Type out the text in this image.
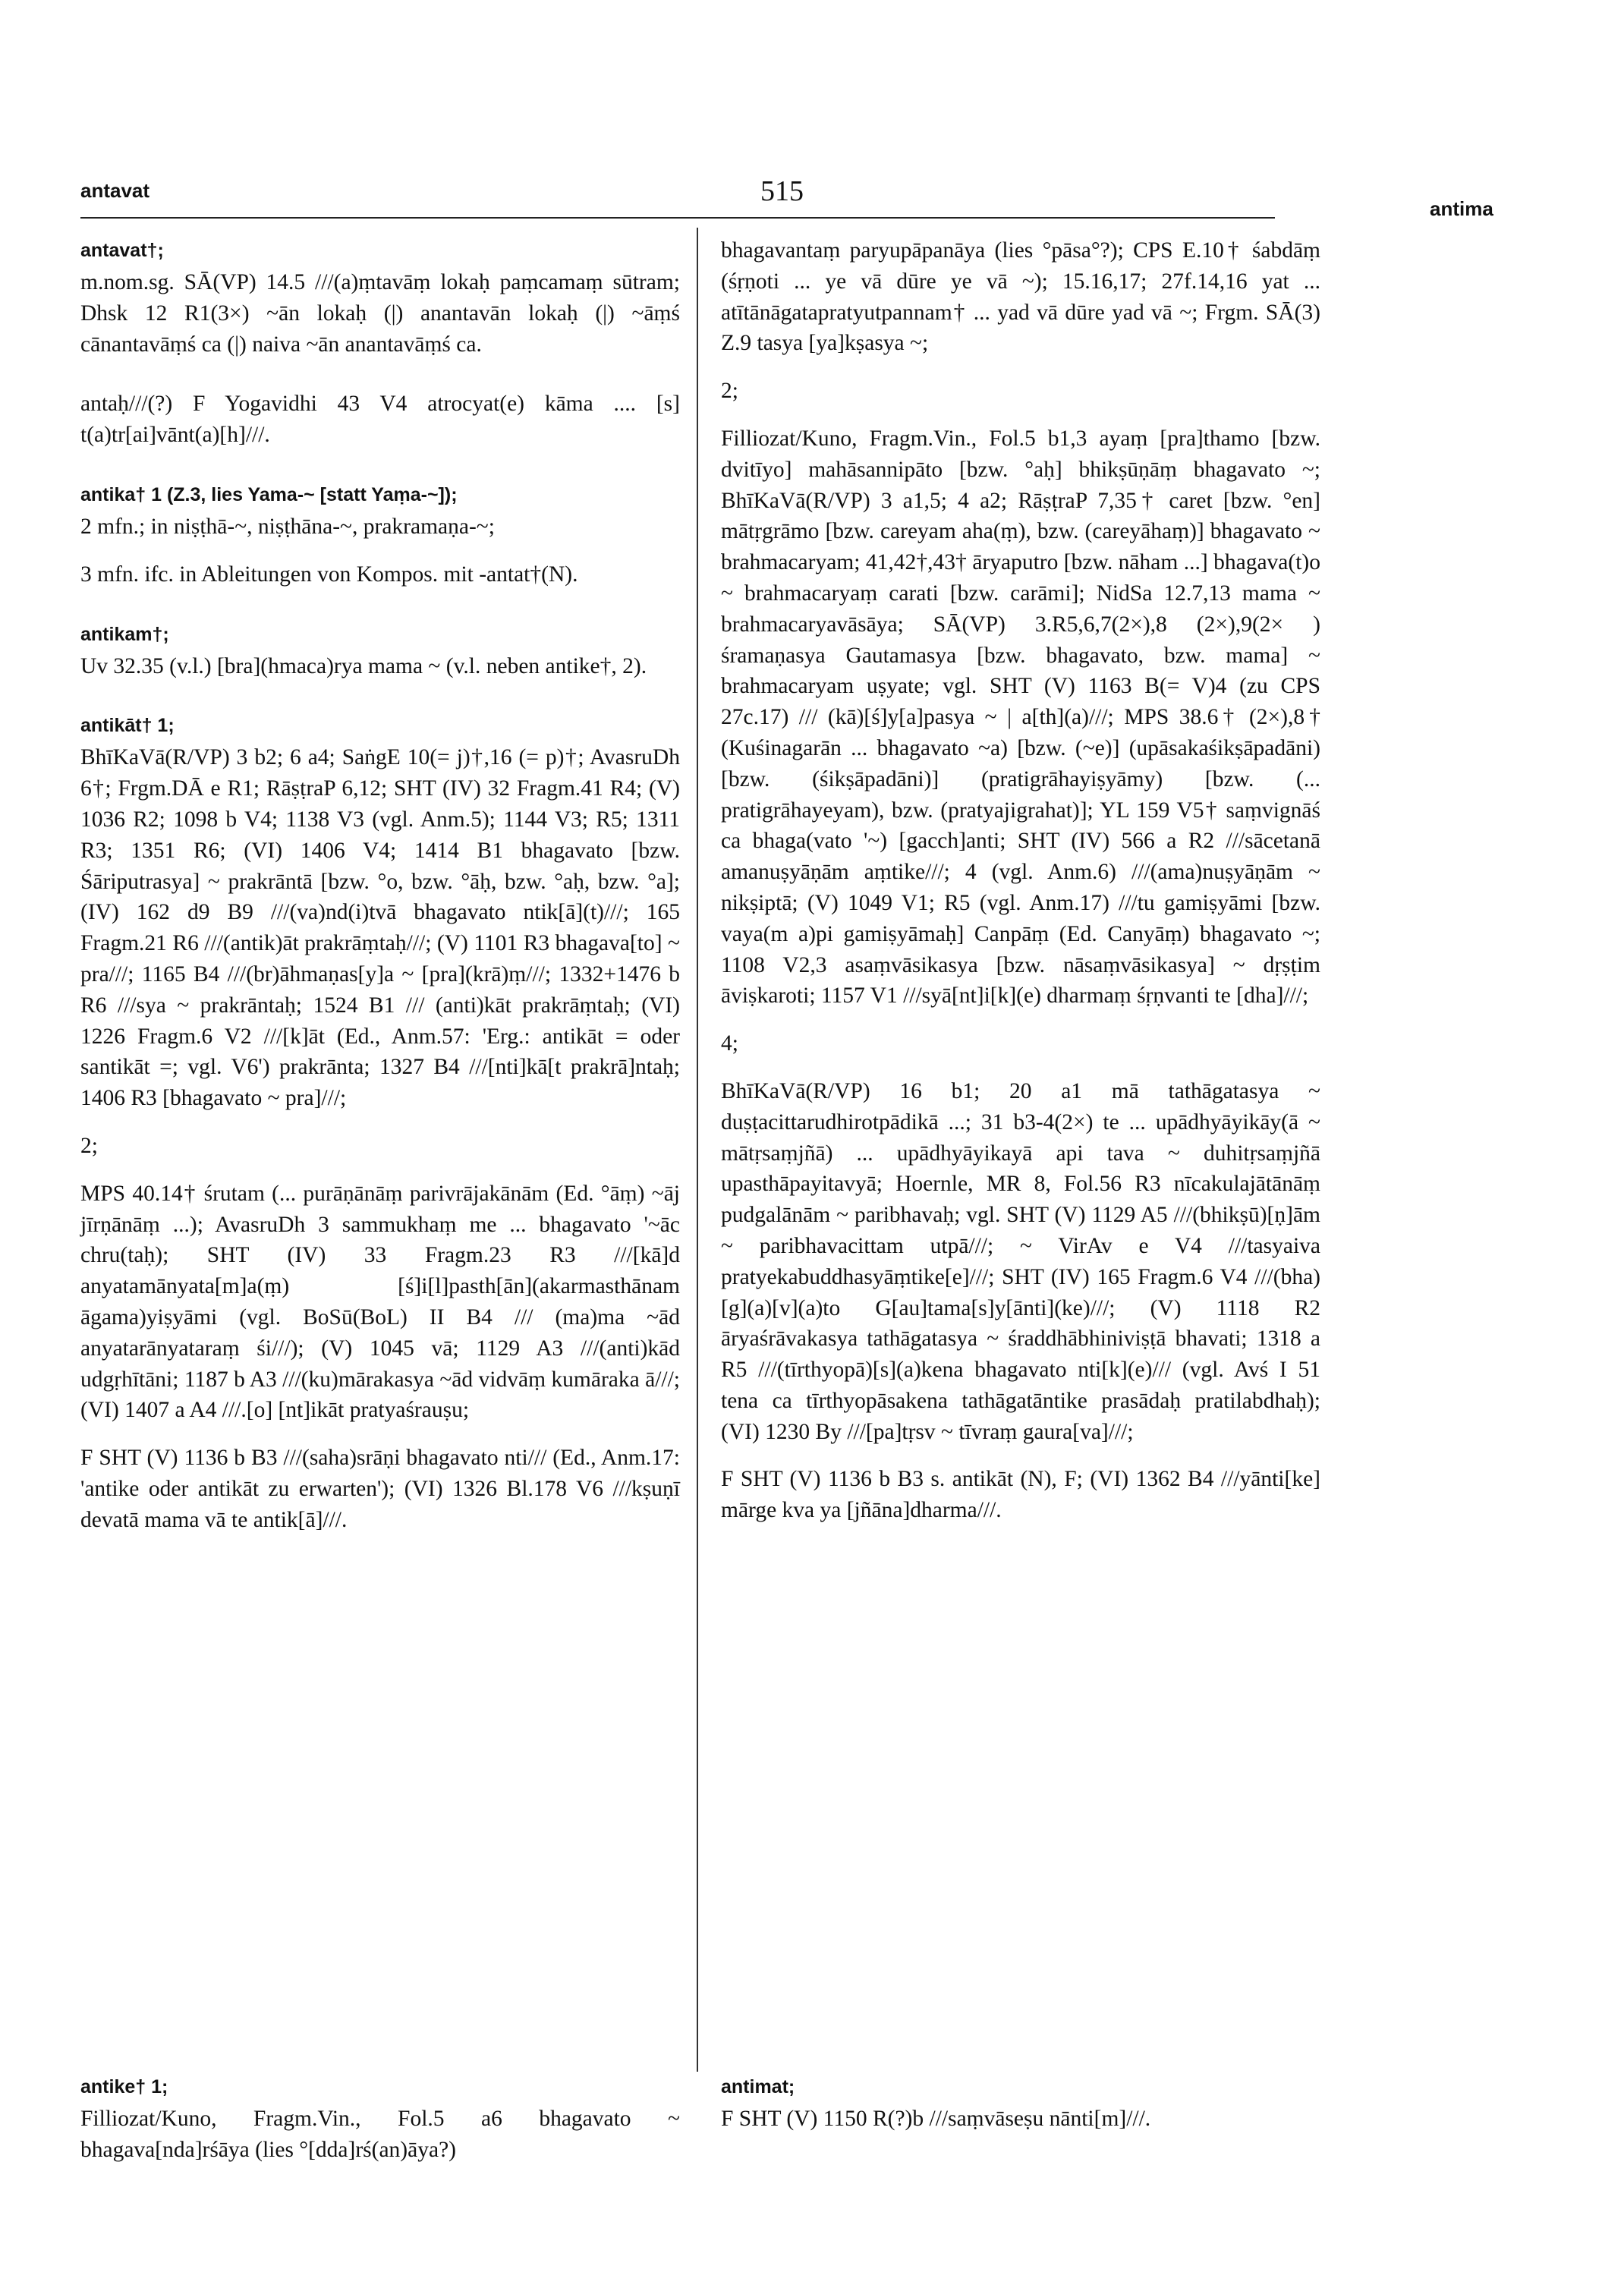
antavat	515
antima
antavat†;

m.nom.sg. SĀ(VP) 14.5 ///(a)ṃtavāṃ lokaḥ paṃcamaṃ sūtram; Dhsk 12 R1(3×) ~ān lokaḥ (|) anantavān lokaḥ (|) ~āṃś cānantavāṃś ca (|) naiva ~ān anantavāṃś ca.

antaḥ///(?) F Yogavidhi 43 V4 atrocyat(e) kāma .... [s] t(a)tr[ai]vānt(a)[h]///.

antika† 1 (Z.3, lies Yama-~ [statt Yaṃa-~]);

2 mfn.; in niṣṭhā-~, niṣṭhāna-~, prakramaṇa-~;

3 mfn. ifc. in Ableitungen von Kompos. mit -antat†(N).

antikam†;

Uv 32.35 (v.l.) [bra](hmaca)rya mama ~ (v.l. neben antike†, 2).

antikāt† 1;

BhīKaVā(R/VP) 3 b2; 6 a4; SaṅgE 10(= j)†,16 (= p)†; AvasruDh 6†; Frgm.DĀ e R1; RāṣṭraP 6,12; SHT (IV) 32 Fragm.41 R4; (V) 1036 R2; 1098 b V4; 1138 V3 (vgl. Anm.5); 1144 V3; R5; 1311 R3; 1351 R6; (VI) 1406 V4; 1414 B1 bhagavato [bzw. Śāriputrasya] ~ prakrāntā [bzw. °o, bzw. °āḥ, bzw. °aḥ, bzw. °a]; (IV) 162 d9 B9 ///(va)nd(i)tvā bhagavato ntik[ā](t)///; 165 Fragm.21 R6 ///(antik)āt prakrāṃtaḥ///; (V) 1101 R3 bhagava[to] ~ pra///; 1165 B4 ///(br)āhmaṇas[y]a ~ [pra](krā)ṃ///; 1332+1476 b R6 ///sya ~ prakrāntaḥ; 1524 B1 /// (anti)kāt prakrāṃtaḥ; (VI) 1226 Fragm.6 V2 ///[k]āt (Ed., Anm.57: 'Erg.: antikāt = oder santikāt =; vgl. V6') prakrānta; 1327 B4 ///[nti]kā[t prakrā]ntaḥ; 1406 R3 [bhagavato ~ pra]///;

2;

MPS 40.14† śrutam (... purāṇānāṃ parivrājakānām (Ed. °āṃ) ~āj jīrṇānāṃ ...); AvasruDh 3 sammukhaṃ me ... bhagavato '~āc chru(taḥ); SHT (IV) 33 Fragm.23 R3 ///[kā]d anyatamānyata[m]a(ṃ) [ś]i[l]pasth[ān](akarmasthānam āgama)yiṣyāmi (vgl. BoSū(BoL) II B4 /// (ma)ma ~ād anyatarānyataraṃ śi///); (V) 1045 vā; 1129 A3 ///(anti)kād udgṛhītāni; 1187 b A3 ///(ku)mārakasya ~ād vidvāṃ kumāraka ā///; (VI) 1407 a A4 ///.[o] [nt]ikāt pratyaśrauṣu;

F SHT (V) 1136 b B3 ///(saha)srāṇi bhagavato nti/// (Ed., Anm.17: 'antike oder antikāt zu erwarten'); (VI) 1326 Bl.178 V6 ///kṣuṇī devatā mama vā te antik[ā]///.

bhagavantaṃ paryupāpanāya (lies °pāsa°?); CPS E.10† śabdāṃ (śṛṇoti ... ye vā dūre ye vā ~); 15.16,17; 27f.14,16 yat ... atītānāgatapratyutpannam† ... yad vā dūre yad vā ~; Frgm. SĀ(3) Z.9 tasya [ya]kṣasya ~;

2;

Filliozat/Kuno, Fragm.Vin., Fol.5 b1,3 ayaṃ [pra]thamo [bzw. dvitīyo] mahāsannipāto [bzw. °aḥ] bhikṣūṇāṃ bhagavato ~; BhīKaVā(R/VP) 3 a1,5; 4 a2; RāṣṭraP 7,35† caret [bzw. °en] mātṛgrāmo [bzw. careyam aha(ṃ), bzw. (careyāhaṃ)] bhagavato ~ brahmacaryam; 41,42†,43† āryaputro [bzw. nāham ...] bhagava(t)o ~ brahmacaryaṃ carati [bzw. carāmi]; NidSa 12.7,13 mama ~ brahmacaryavāsāya; SĀ(VP) 3.R5,6,7(2×),8 (2×),9(2× ) śramaṇasya Gautamasya [bzw. bhagavato, bzw. mama] ~ brahmacaryam uṣyate; vgl. SHT (V) 1163 B(= V)4 (zu CPS 27c.17) /// (kā)[ś]y[a]pasya ~ | a[th](a)///; MPS 38.6† (2×),8† (Kuśinagarān ... bhagavato ~a) [bzw. (~e)] (upāsakaśikṣāpadāni) [bzw. (śikṣāpadāni)] (pratigrāhayiṣyāmy) [bzw. (... pratigrāhayeyam), bzw. (pratyajigrahat)]; YL 159 V5† saṃvignāś ca bhaga(vato '~) [gacch]anti; SHT (IV) 566 a R2 ///sācetanā amanuṣyāṇām aṃtike///; 4 (vgl. Anm.6) ///(ama)nuṣyāṇām ~ nikṣiptā; (V) 1049 V1; R5 (vgl. Anm.17) ///tu gamiṣyāmi [bzw. vaya(m a)pi gamiṣyāmaḥ] Canpāṃ (Ed. Canyāṃ) bhagavato ~; 1108 V2,3 asaṃvāsikasya [bzw. nāsaṃvāsikasya] ~ dṛṣṭim āviṣkaroti; 1157 V1 ///syā[nt]i[k](e) dharmaṃ śṛṇvanti te [dha]///;

4;

BhīKaVā(R/VP) 16 b1; 20 a1 mā tathāgatasya ~ duṣṭacittarudhirotpādikā ...; 31 b3-4(2×) te ... upādhyāyikāy(ā ~ mātṛsaṃjñā) ... upādhyāyikayā api tava ~ duhitṛsaṃjñā upasthāpayitavyā; Hoernle, MR 8, Fol.56 R3 nīcakulajātānāṃ pudgalānām ~ paribhavaḥ; vgl. SHT (V) 1129 A5 ///(bhikṣū)[ṇ]ām ~ paribhavacittam utpā///; ~ VirAv e V4 ///tasyaiva pratyekabuddhasyāṃtike[e]///; SHT (IV) 165 Fragm.6 V4 ///(bha)[g](a)[v](a)to G[au]tama[s]y[ānti](ke)///; (V) 1118 R2 āryaśrāvakasya tathāgatasya ~ śraddhābhiniviṣṭā bhavati; 1318 a R5 ///(tīrthyopā)[s](a)kena bhagavato nti[k](e)/// (vgl. Avś I 51 tena ca tīrthyopāsakena tathāgatāntike prasādaḥ pratilabdhaḥ); (VI) 1230 By ///[pa]tṛsv ~ tīvraṃ gaura[va]///;

F SHT (V) 1136 b B3 s. antikāt (N), F; (VI) 1362 B4 ///yānti[ke] mārge kva ya [jñāna]dharma///.

antike† 1;

Filliozat/Kuno, Fragm.Vin., Fol.5 a6 bhagavato ~ bhagava[nda]rśāya (lies °[dda]rś(an)āya?)

antimat;

F SHT (V) 1150 R(?)b ///saṃvāseṣu nānti[m]///.
